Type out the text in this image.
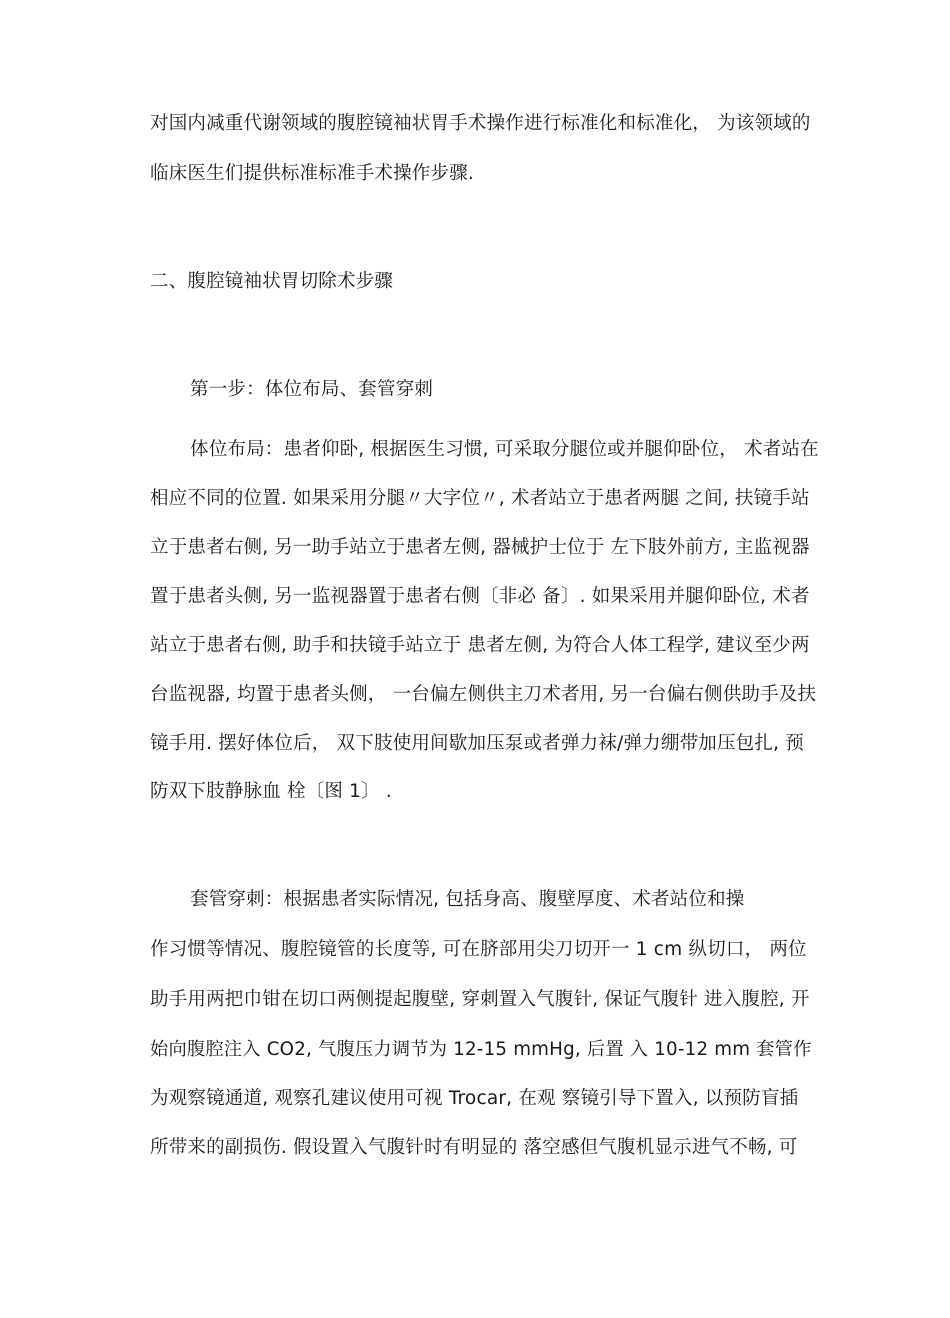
对国内减重代谢领域的腹腔镜袖状胃手术操作进行标准化和标准化， 为该领域的
临床医生们提供标准标准手术操作步骤.
二、腹腔镜袖状胃切除术步骤
第一步：体位布局、套管穿刺
体位布局：患者仰卧, 根据医生习惯, 可采取分腿位或并腿仰卧位， 术者站在
相应不同的位置. 如果采用分腿〃大字位〃, 术者站立于患者两腿 之间, 扶镜手站
立于患者右侧, 另一助手站立于患者左侧, 器械护士位于 左下肢外前方, 主监视器
置于患者头侧, 另一监视器置于患者右侧〔非必 备〕. 如果采用并腿仰卧位, 术者
站立于患者右侧, 助手和扶镜手站立于 患者左侧, 为符合人体工程学, 建议至少两
台监视器, 均置于患者头侧， 一台偏左侧供主刀术者用, 另一台偏右侧供助手及扶
镜手用. 摆好体位后， 双下肢使用间歇加压泵或者弹力袜/弹力绷带加压包扎, 预
防双下肢静脉血 栓〔图 1〕 .
套管穿刺：根据患者实际情况, 包括身高、腹壁厚度、术者站位和操
作习惯等情况、腹腔镜管的长度等, 可在脐部用尖刀切开一 1 cm 纵切口， 两位
助手用两把巾钳在切口两侧提起腹壁, 穿刺置入气腹针, 保证气腹针 进入腹腔, 开
始向腹腔注入 CO2, 气腹压力调节为 12-15 mmHg, 后置 入 10-12 mm 套管作
为观察镜通道, 观察孔建议使用可视 Trocar, 在观 察镜引导下置入, 以预防盲插
所带来的副损伤. 假设置入气腹针时有明显的 落空感但气腹机显示进气不畅, 可
